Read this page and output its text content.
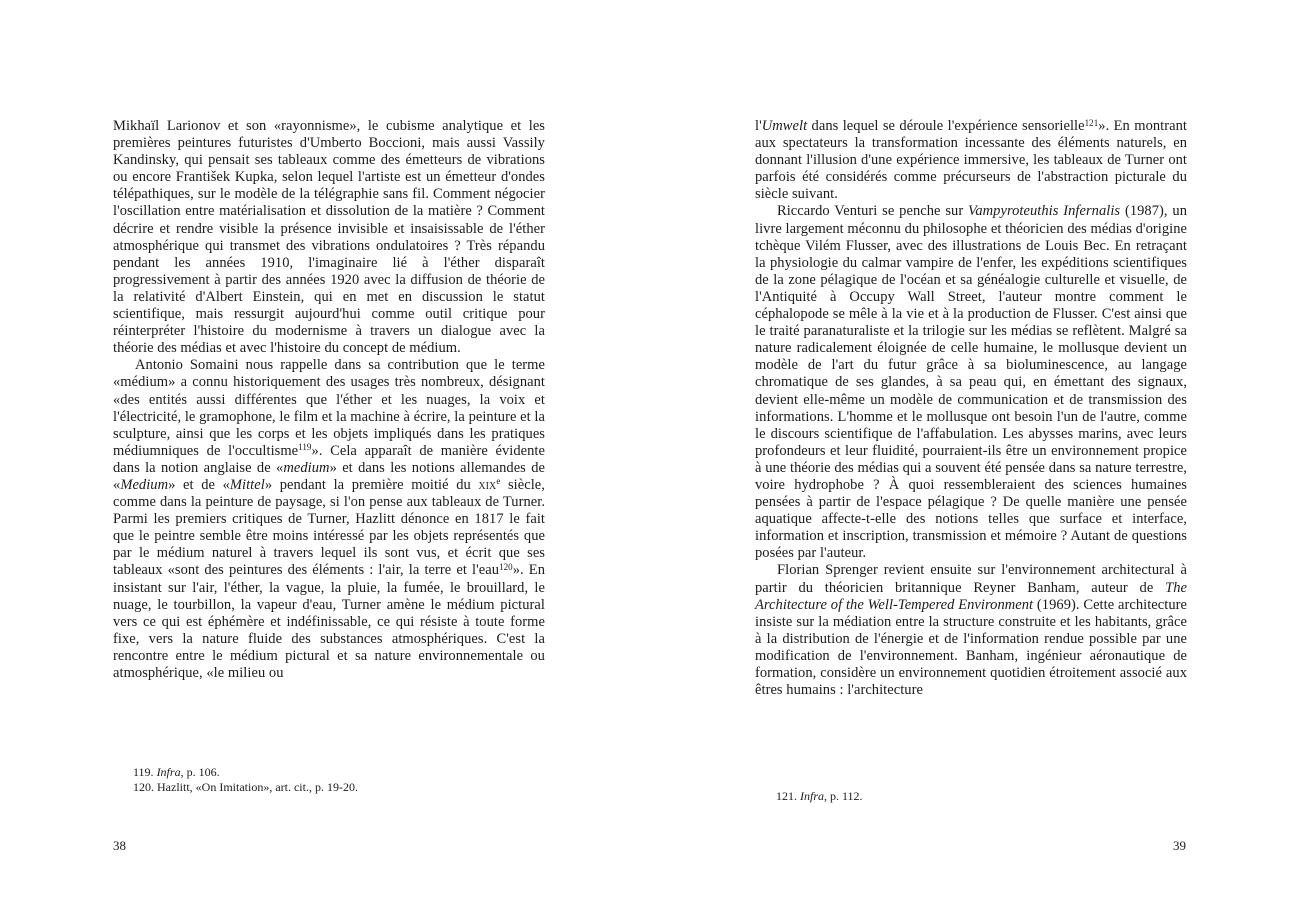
Mikhaïl Larionov et son «rayonnisme», le cubisme analytique et les premières peintures futuristes d'Umberto Boccioni, mais aussi Vassily Kandinsky, qui pensait ses tableaux comme des émetteurs de vibrations ou encore František Kupka, selon lequel l'artiste est un émetteur d'ondes télépathiques, sur le modèle de la télégraphie sans fil. Comment négocier l'oscillation entre matérialisation et dissolution de la matière ? Comment décrire et rendre visible la présence invisible et insaisissable de l'éther atmosphérique qui transmet des vibrations ondulatoires ? Très répandu pendant les années 1910, l'imaginaire lié à l'éther disparaît progressivement à partir des années 1920 avec la diffusion de théorie de la relativité d'Albert Einstein, qui en met en discussion le statut scientifique, mais ressurgit aujourd'hui comme outil critique pour réinterpréter l'histoire du modernisme à travers un dialogue avec la théorie des médias et avec l'histoire du concept de médium.

Antonio Somaini nous rappelle dans sa contribution que le terme «médium» a connu historiquement des usages très nombreux, désignant «des entités aussi différentes que l'éther et les nuages, la voix et l'électricité, le gramophone, le film et la machine à écrire, la peinture et la sculpture, ainsi que les corps et les objets impliqués dans les pratiques médiumniques de l'occultisme$^{119}$». Cela apparaît de manière évidente dans la notion anglaise de «medium» et dans les notions allemandes de «Medium» et de «Mittel» pendant la première moitié du xix$^e$ siècle, comme dans la peinture de paysage, si l'on pense aux tableaux de Turner. Parmi les premiers critiques de Turner, Hazlitt dénonce en 1817 le fait que le peintre semble être moins intéressé par les objets représentés que par le médium naturel à travers lequel ils sont vus, et écrit que ses tableaux «sont des peintures des éléments : l'air, la terre et l'eau$^{120}$». En insistant sur l'air, l'éther, la vague, la pluie, la fumée, le brouillard, le nuage, le tourbillon, la vapeur d'eau, Turner amène le médium pictural vers ce qui est éphémère et indéfinissable, ce qui résiste à toute forme fixe, vers la nature fluide des substances atmosphériques. C'est la rencontre entre le médium pictural et sa nature environnementale ou atmosphérique, «le milieu ou

l'Umwelt dans lequel se déroule l'expérience sensorielle$^{121}$». En montrant aux spectateurs la transformation incessante des éléments naturels, en donnant l'illusion d'une expérience immersive, les tableaux de Turner ont parfois été considérés comme précurseurs de l'abstraction picturale du siècle suivant.

Riccardo Venturi se penche sur Vampyroteuthis Infernalis (1987), un livre largement méconnu du philosophe et théoricien des médias d'origine tchèque Vilém Flusser, avec des illustrations de Louis Bec. En retraçant la physiologie du calmar vampire de l'enfer, les expéditions scientifiques de la zone pélagique de l'océan et sa généalogie culturelle et visuelle, de l'Antiquité à Occupy Wall Street, l'auteur montre comment le céphalopode se mêle à la vie et à la production de Flusser. C'est ainsi que le traité paranaturaliste et la trilogie sur les médias se reflètent. Malgré sa nature radicalement éloignée de celle humaine, le mollusque devient un modèle de l'art du futur grâce à sa bioluminescence, au langage chromatique de ses glandes, à sa peau qui, en émettant des signaux, devient elle-même un modèle de communication et de transmission des informations. L'homme et le mollusque ont besoin l'un de l'autre, comme le discours scientifique de l'affabulation. Les abysses marins, avec leurs profondeurs et leur fluidité, pourraient-ils être un environnement propice à une théorie des médias qui a souvent été pensée dans sa nature terrestre, voire hydrophobe ? À quoi ressembleraient des sciences humaines pensées à partir de l'espace pélagique ? De quelle manière une pensée aquatique affecte-t-elle des notions telles que surface et interface, information et inscription, transmission et mémoire ? Autant de questions posées par l'auteur.

Florian Sprenger revient ensuite sur l'environnement architectural à partir du théoricien britannique Reyner Banham, auteur de The Architecture of the Well-Tempered Environment (1969). Cette architecture insiste sur la médiation entre la structure construite et les habitants, grâce à la distribution de l'énergie et de l'information rendue possible par une modification de l'environnement. Banham, ingénieur aéronautique de formation, considère un environnement quotidien étroitement associé aux êtres humains : l'architecture

119. Infra, p. 106.
120. Hazlitt, «On Imitation», art. cit., p. 19-20.
121. Infra, p. 112.
38	39
